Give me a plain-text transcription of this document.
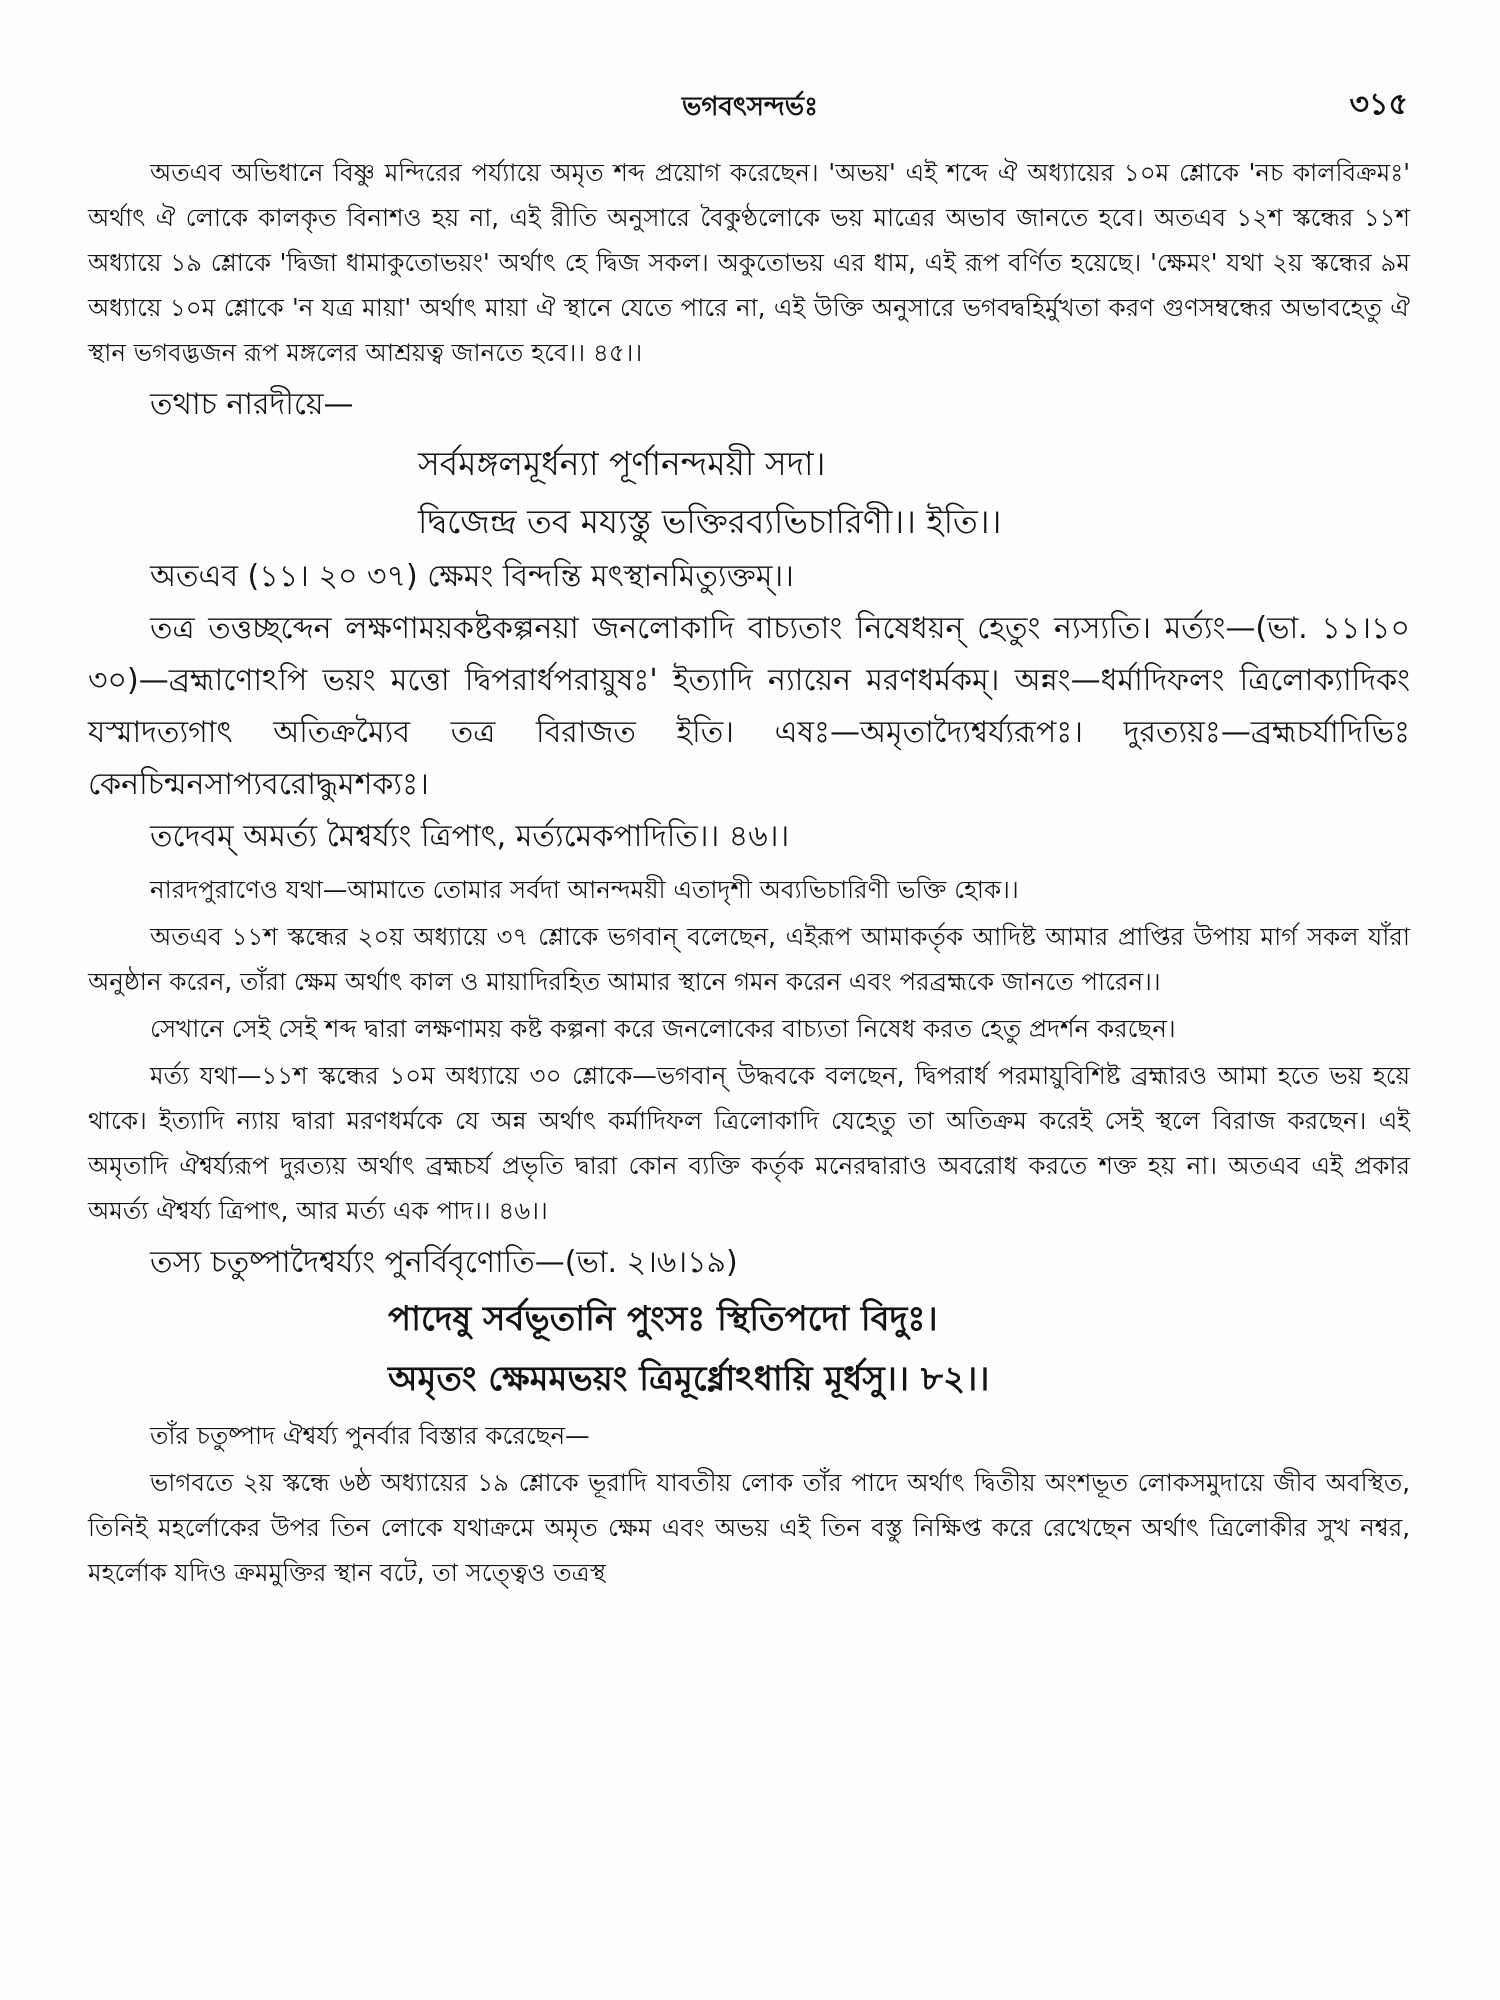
ভগবৎসন্দর্ভঃ	৩১৫

অতএব অভিধানে বিষ্ণু মন্দিরের পর্য্যায়ে অমৃত শব্দ প্রয়োগ করেছেন। 'অভয়' এই শব্দে ঐ অধ্যায়ের ১০ম শ্লোকে 'নচ কালবিক্রমঃ' অর্থাৎ ঐ লোকে কালকৃত বিনাশও হয় না, এই রীতি অনুসারে বৈকুণ্ঠলোকে ভয় মাত্রের অভাব জানতে হবে। অতএব ১২শ স্কন্ধের ১১শ অধ্যায়ে ১৯ শ্লোকে 'দ্বিজা ধামাকুতোভয়ং' অর্থাৎ হে দ্বিজ সকল। অকুতোভয় এর ধাম, এই রূপ বর্ণিত হয়েছে। 'ক্ষেমং' যথা ২য় স্কন্ধের ৯ম অধ্যায়ে ১০ম শ্লোকে 'ন যত্র মায়া' অর্থাৎ মায়া ঐ স্থানে যেতে পারে না, এই উক্তি অনুসারে ভগবদ্বহির্মুখতা করণ গুণসম্বন্ধের অভাবহেতু ঐ স্থান ভগবদ্ভজন রূপ মঙ্গলের আশ্রয়ত্ব জানতে হবে।। ৪৫।।

তথাচ নারদীয়ে—

সর্বমঙ্গলমূর্ধন্যা পূর্ণানন্দময়ী সদা।

দ্বিজেন্দ্র তব ময্যস্তু ভক্তিরব্যভিচারিণী।। ইতি।।

অতএব (১১। ২০ ৩৭) ক্ষেমং বিন্দন্তি মৎস্থানমিত্যুক্তম্।।

তত্র তত্তচ্ছব্দেন লক্ষণাময়কষ্টকল্পনয়া জনলোকাদি বাচ্যতাং নিষেধয়ন্ হেতুং ন্যস্যতি। মর্ত্যং—(ভা. ১১।১০ ৩০)—ব্রহ্মাণোঽপি ভয়ং মত্তো দ্বিপরার্ধপরায়ুষঃ' ইত্যাদি ন্যায়েন মরণধর্মকম্। অন্নং—ধর্মাদিফলং ত্রিলোক্যাদিকং যস্মাদত্যগাৎ অতিক্রম্যৈব তত্র বিরাজত ইতি। এষঃ—অমৃতাদ্যৈশ্বর্য্যরূপঃ। দুরত্যয়ঃ—ব্রহ্মচর্যাদিভিঃ কেনচিন্মনসাপ্যবরোদ্ধুমশক্যঃ।

তদেবম্ অমর্ত্য মৈশ্বর্য্যং ত্রিপাৎ, মর্ত্যমেকপাদিতি।। ৪৬।।

নারদপুরাণেও যথা—আমাতে তোমার সর্বদা আনন্দময়ী এতাদৃশী অব্যভিচারিণী ভক্তি হোক।।

অতএব ১১শ স্কন্ধের ২০য় অধ্যায়ে ৩৭ শ্লোকে ভগবান্ বলেছেন, এইরূপ আমাকর্তৃক আদিষ্ট আমার প্রাপ্তির উপায় মার্গ সকল যাঁরা অনুষ্ঠান করেন, তাঁরা ক্ষেম অর্থাৎ কাল ও মায়াদিরহিত আমার স্থানে গমন করেন এবং পরব্রহ্মকে জানতে পারেন।।

সেখানে সেই সেই শব্দ দ্বারা লক্ষণাময় কষ্ট কল্পনা করে জনলোকের বাচ্যতা নিষেধ করত হেতু প্রদর্শন করছেন।

মর্ত্য যথা—১১শ স্কন্ধের ১০ম অধ্যায়ে ৩০ শ্লোকে—ভগবান্ উদ্ধবকে বলছেন, দ্বিপরার্ধ পরমায়ুবিশিষ্ট ব্রহ্মারও আমা হতে ভয় হয়ে থাকে। ইত্যাদি ন্যায় দ্বারা মরণধর্মকে যে অন্ন অর্থাৎ কর্মাদিফল ত্রিলোকাদি যেহেতু তা অতিক্রম করেই সেই স্থলে বিরাজ করছেন। এই অমৃতাদি ঐশ্বর্য্যরূপ দুরত্যয় অর্থাৎ ব্রহ্মচর্য প্রভৃতি দ্বারা কোন ব্যক্তি কর্তৃক মনেরদ্বারাও অবরোধ করতে শক্ত হয় না। অতএব এই প্রকার অমর্ত্য ঐশ্বর্য্য ত্রিপাৎ, আর মর্ত্য এক পাদ।। ৪৬।।

তস্য চতুষ্পাদৈশ্বর্য্যং পুনর্বিবৃণোতি—(ভা. ২।৬।১৯)

পাদেষু সর্বভূতানি পুংসঃ স্থিতিপদো বিদুঃ।

অমৃতং ক্ষেমমভয়ং ত্রিমূর্ধ্নোঽধায়ি মূর্ধসু।। ৮২।।

তাঁর চতুষ্পাদ ঐশ্বর্য্য পুনর্বার বিস্তার করেছেন—

ভাগবতে ২য় স্কন্ধে ৬ষ্ঠ অধ্যায়ের ১৯ শ্লোকে ভূরাদি যাবতীয় লোক তাঁর পাদে অর্থাৎ দ্বিতীয় অংশভূত লোকসমুদায়ে জীব অবস্থিত, তিনিই মহর্লোকের উপর তিন লোকে যথাক্রমে অমৃত ক্ষেম এবং অভয় এই তিন বস্তু নিক্ষিপ্ত করে রেখেছেন অর্থাৎ ত্রিলোকীর সুখ নশ্বর, মহর্লোক যদিও ক্রমমুক্তির স্থান বটে, তা সত্ত্বেও তত্রস্থ
